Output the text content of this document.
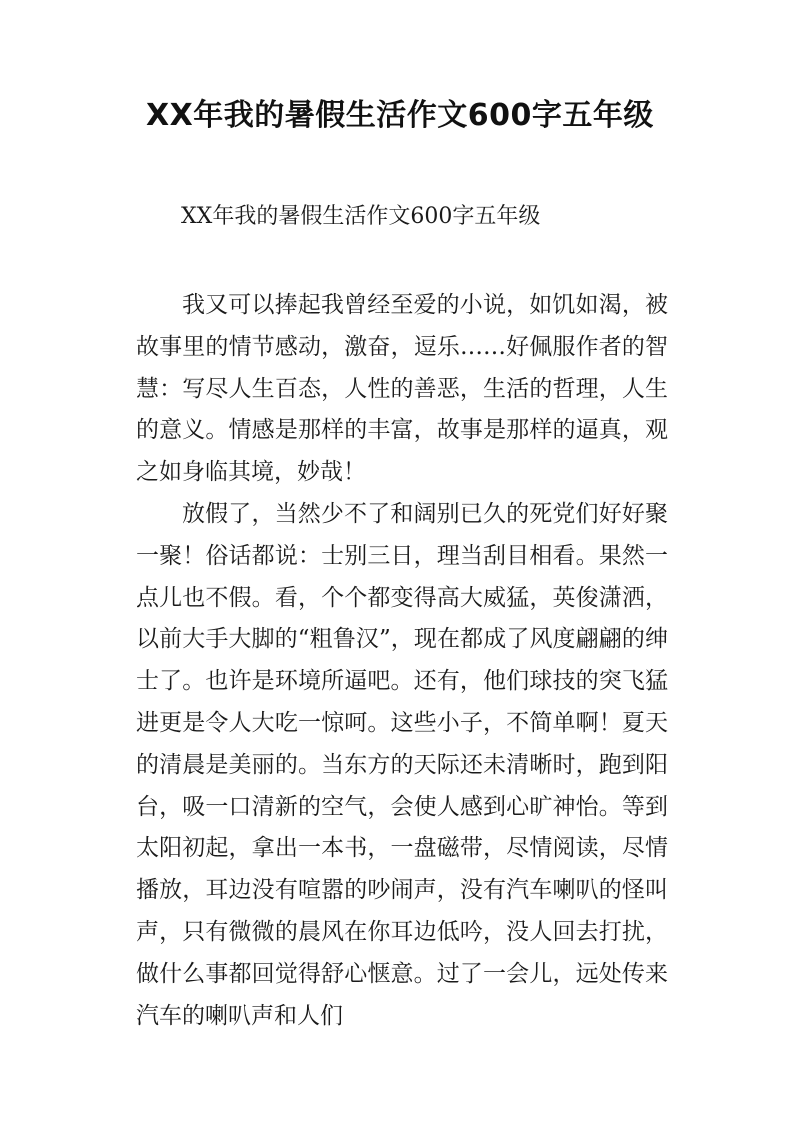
XX年我的暑假生活作文600字五年级
XX年我的暑假生活作文600字五年级

我又可以捧起我曾经至爱的小说，如饥如渴，被故事里的情节感动，激奋，逗乐……好佩服作者的智慧：写尽人生百态，人性的善恶，生活的哲理，人生的意义。情感是那样的丰富，故事是那样的逼真，观之如身临其境，妙哉！

放假了，当然少不了和阔别已久的死党们好好聚一聚！俗话都说：士别三日，理当刮目相看。果然一点儿也不假。看，个个都变得高大威猛，英俊潇洒，以前大手大脚的“粗鲁汉”，现在都成了风度翩翩的绅士了。也许是环境所逼吧。还有，他们球技的突飞猛进更是令人大吃一惊呵。这些小子，不简单啊！夏天的清晨是美丽的。当东方的天际还未清晰时，跑到阳台，吸一口清新的空气，会使人感到心旷神怡。等到太阳初起，拿出一本书，一盘磁带，尽情阅读，尽情播放，耳边没有喧嚣的吵闹声，没有汽车喇叭的怪叫声，只有微微的晨风在你耳边低吟，没人回去打扰，做什么事都回觉得舒心惬意。过了一会儿，远处传来汽车的喇叭声和人们
